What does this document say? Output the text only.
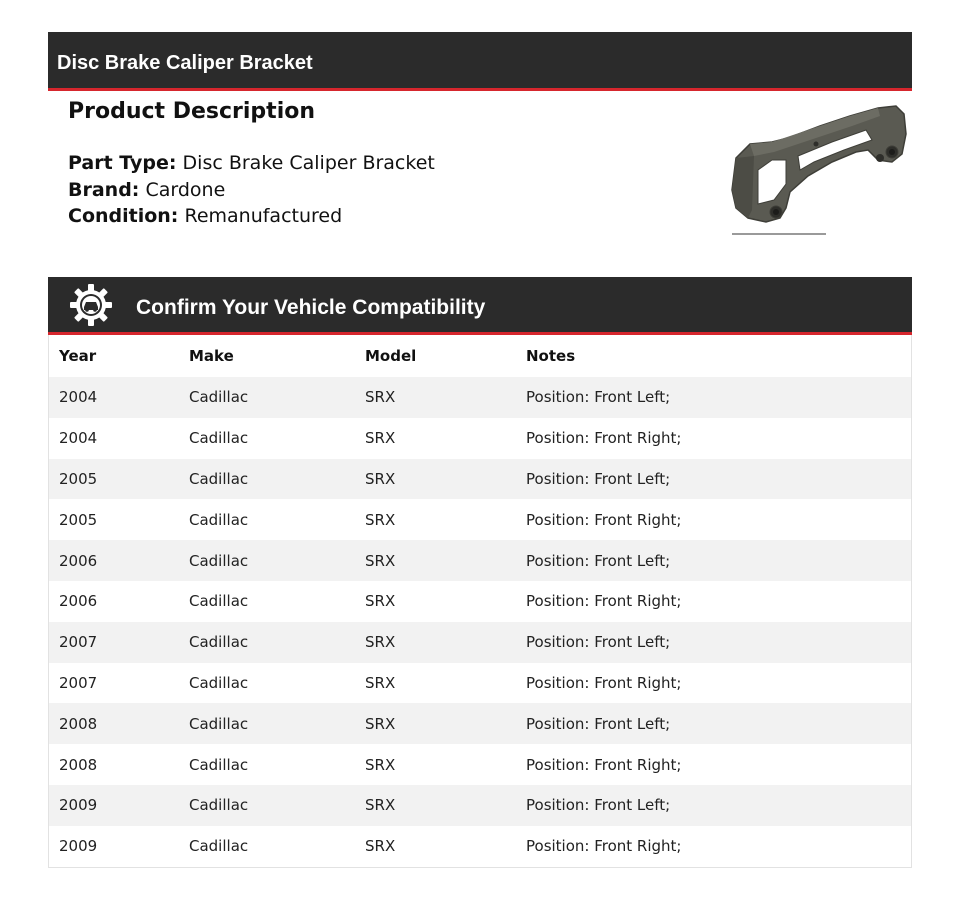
Disc Brake Caliper Bracket
Product Description
Part Type: Disc Brake Caliper Bracket
Brand: Cardone
Condition: Remanufactured
Confirm Your Vehicle Compatibility
Year	Make	Model	Notes
2004	Cadillac	SRX	Position: Front Left;
2004	Cadillac	SRX	Position: Front Right;
2005	Cadillac	SRX	Position: Front Left;
2005	Cadillac	SRX	Position: Front Right;
2006	Cadillac	SRX	Position: Front Left;
2006	Cadillac	SRX	Position: Front Right;
2007	Cadillac	SRX	Position: Front Left;
2007	Cadillac	SRX	Position: Front Right;
2008	Cadillac	SRX	Position: Front Left;
2008	Cadillac	SRX	Position: Front Right;
2009	Cadillac	SRX	Position: Front Left;
2009	Cadillac	SRX	Position: Front Right;
